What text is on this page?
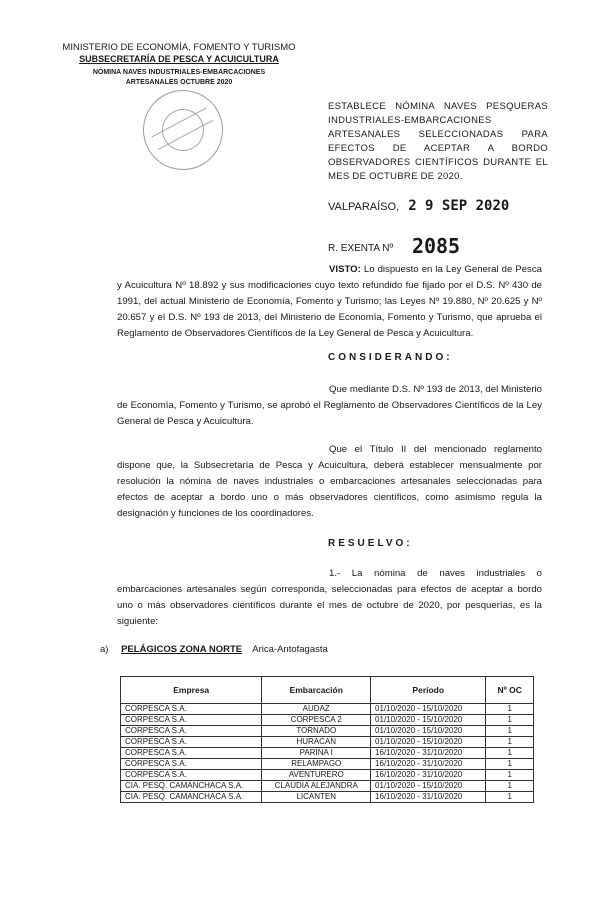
MINISTERIO DE ECONOMÍA, FOMENTO Y TURISMO
SUBSECRETARÍA DE PESCA Y ACUICULTURA
NÓMINA NAVES INDUSTRIALES-EMBARCACIONES
ARTESANALES OCTUBRE 2020
ESTABLECE NÓMINA NAVES PESQUERAS INDUSTRIALES-EMBARCACIONES ARTESANALES SELECCIONADAS PARA EFECTOS DE ACEPTAR A BORDO OBSERVADORES CIENTÍFICOS DURANTE EL MES DE OCTUBRE DE 2020.
VALPARAÍSO, 2 9 SEP 2020
R. EXENTA Nº 2085
VISTO: Lo dispuesto en la Ley General de Pesca y Acuicultura Nº 18.892 y sus modificaciones cuyo texto refundido fue fijado por el D.S. Nº 430 de 1991, del actual Ministerio de Economía, Fomento y Turismo; las Leyes Nº 19.880, Nº 20.625 y Nº 20.657 y el D.S. Nº 193 de 2013, del Ministerio de Economía, Fomento y Turismo, que aprueba el Reglamento de Observadores Científicos de la Ley General de Pesca y Acuicultura.
CONSIDERANDO:
Que mediante D.S. Nº 193 de 2013, del Ministerio de Economía, Fomento y Turismo, se aprobó el Reglamento de Observadores Científicos de la Ley General de Pesca y Acuicultura.
Que el Título II del mencionado reglamento dispone que, la Subsecretaría de Pesca y Acuicultura, deberá establecer mensualmente por resolución la nómina de naves industriales o embarcaciones artesanales seleccionadas para efectos de aceptar a bordo uno o más observadores científicos, como asimismo regula la designación y funciones de los coordinadores.
RESUELVO:
1.- La nómina de naves industriales o embarcaciones artesanales según corresponda, seleccionadas para efectos de aceptar a bordo uno o más observadores científicos durante el mes de octubre de 2020, por pesquerías, es la siguiente:
a) PELÁGICOS ZONA NORTE Arica-Antofagasta
Empresa	Embarcación	Período	Nº OC
CORPESCA S.A.	AUDAZ	01/10/2020 - 15/10/2020	1
CORPESCA S.A.	CORPESCA 2	01/10/2020 - 15/10/2020	1
CORPESCA S.A.	TORNADO	01/10/2020 - 15/10/2020	1
CORPESCA S.A.	HURACAN	01/10/2020 - 15/10/2020	1
CORPESCA S.A.	PARINA I	16/10/2020 - 31/10/2020	1
CORPESCA S.A.	RELAMPAGO	16/10/2020 - 31/10/2020	1
CORPESCA S.A.	AVENTURERO	16/10/2020 - 31/10/2020	1
CIA. PESQ. CAMANCHACA S.A.	CLAUDIA ALEJANDRA	01/10/2020 - 15/10/2020	1
CIA. PESQ. CAMANCHACA S.A.	LICANTEN	16/10/2020 - 31/10/2020	1
